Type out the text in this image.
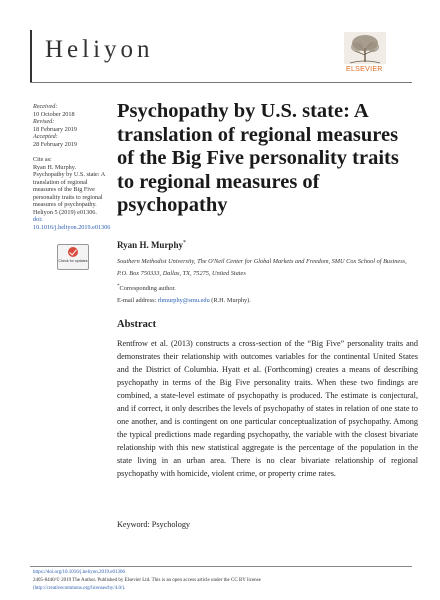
Heliyon
ELSEVIER
Received:
10 October 2018
Revised:
18 February 2019
Accepted:
28 February 2019
Cite as:
Ryan H. Murphy. Psychopathy by U.S. state: A translation of regional measures of the Big Five personality traits to regional measures of psychopathy. Heliyon 5 (2019) e01306.
doi: 10.1016/j.heliyon.2019.e01306
Check for updates
Psychopathy by U.S. state: A translation of regional measures of the Big Five personality traits to regional measures of psychopathy
Ryan H. Murphy*
Southern Methodist University, The O'Neil Center for Global Markets and Freedom, SMU Cox School of Business, P.O. Box 750333, Dallas, TX, 75275, United States
*Corresponding author.
E-mail address: rhmurphy@smu.edu (R.H. Murphy).
Abstract

Rentfrow et al. (2013) constructs a cross-section of the “Big Five” personality traits and demonstrates their relationship with outcomes variables for the continental United States and the District of Columbia. Hyatt et al. (Forthcoming) creates a means of describing psychopathy in terms of the Big Five personality traits. When these two findings are combined, a state-level estimate of psychopathy is produced. The estimate is conjectural, and if correct, it only describes the levels of psychopathy of states in relation of one state to one another, and is contingent on one particular conceptualization of psychopathy. Among the typical predictions made regarding psychopathy, the variable with the closest bivariate relationship with this new statistical aggregate is the percentage of the population in the state living in an urban area. There is no clear bivariate relationship of regional psychopathy with homicide, violent crime, or property crime rates.

Keyword: Psychology
https://doi.org/10.1016/j.heliyon.2019.e01306
2405-8440/© 2019 The Author. Published by Elsevier Ltd. This is an open access article under the CC BY license
(http://creativecommons.org/licenses/by/4.0/).
